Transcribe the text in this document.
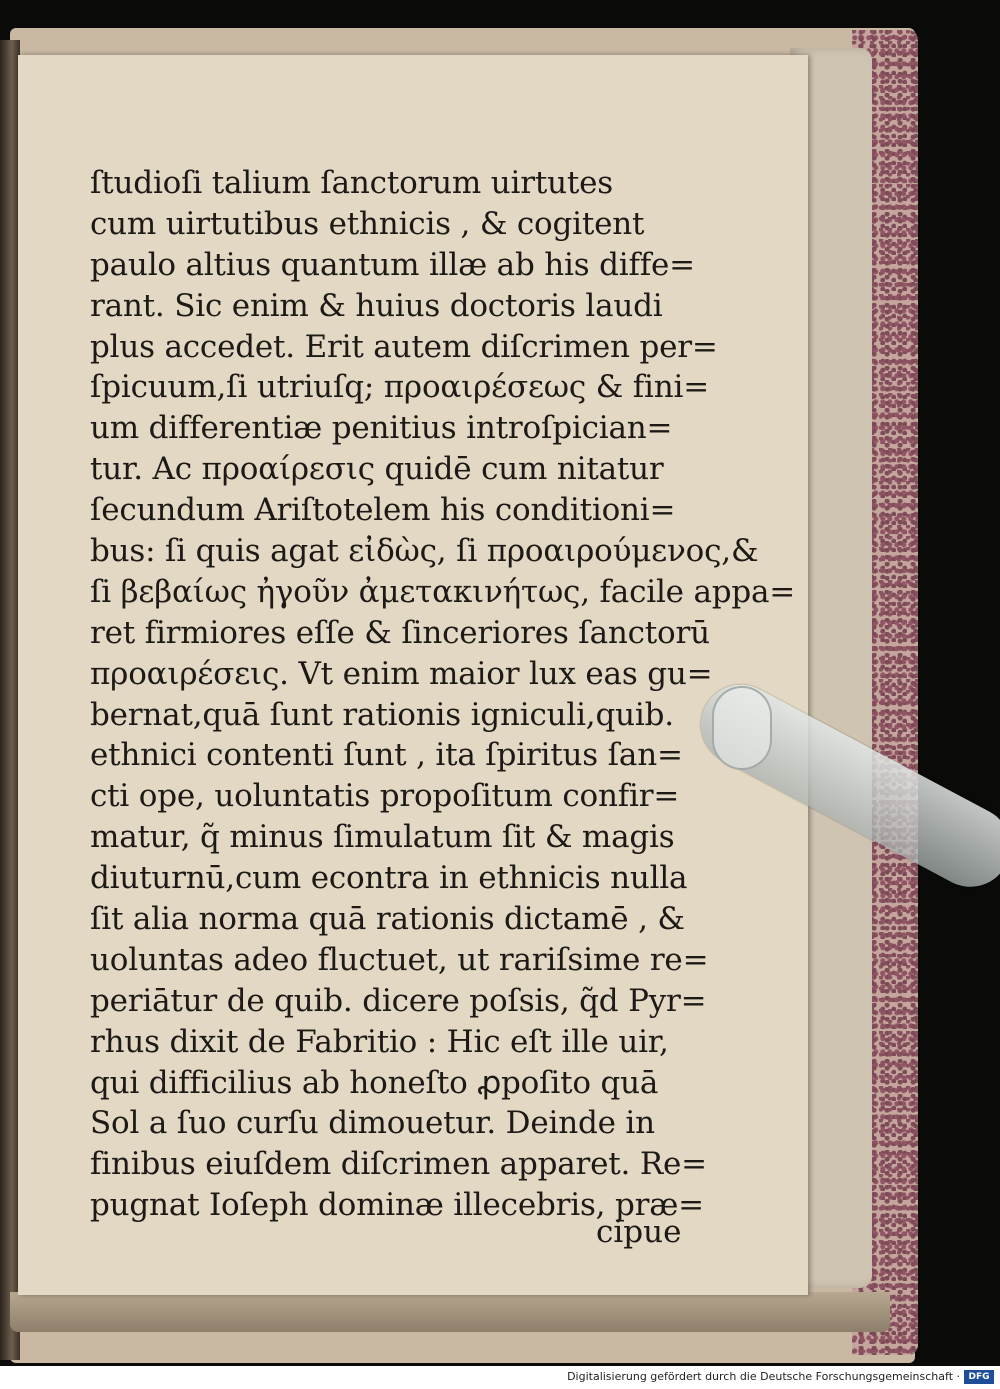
ſtudioſi talium ſanctorum uirtutes
cum uirtutibus ethnicis , & cogitent
paulo altius quantum illæ ab his diffe=
rant. Sic enim & huius doctoris laudi
plus accedet. Erit autem diſcrimen per=
ſpicuum,ſi utriuſq; προαιρέσεως & fini=
um differentiæ penitius introſpician=
tur. Ac προαίρεσις quidē cum nitatur
ſecundum Ariſtotelem his conditioni=
bus: ſi quis agat εἰδὼς, ſi προαιρούμενος,&
ſi βεβαίως ἠγοῦν ἀμετακινήτως, facile appa=
ret firmiores eſſe & ſinceriores ſanctorū
προαιρέσεις. Vt enim maior lux eas gu=
bernat,quā ſunt rationis igniculi,quib.
ethnici contenti ſunt , ita ſpiritus ſan=
cti ope, uoluntatis propoſitum confir=
matur, q̃ minus ſimulatum ſit & magis
diuturnū,cum econtra in ethnicis nulla
ſit alia norma quā rationis dictamē , &
uoluntas adeo fluctuet, ut rariſsime re=
periātur de quib. dicere poſsis, q̃d Pyr=
rhus dixit de Fabritio : Hic eſt ille uir,
qui difficilius ab honeſto ꝓpoſito quā
Sol a ſuo curſu dimouetur. Deinde in
finibus eiuſdem diſcrimen apparet. Re=
pugnat Ioſeph dominæ illecebris, præ=
cipue
Digitalisierung gefördert durch die Deutsche Forschungsgemeinschaft · DFG
